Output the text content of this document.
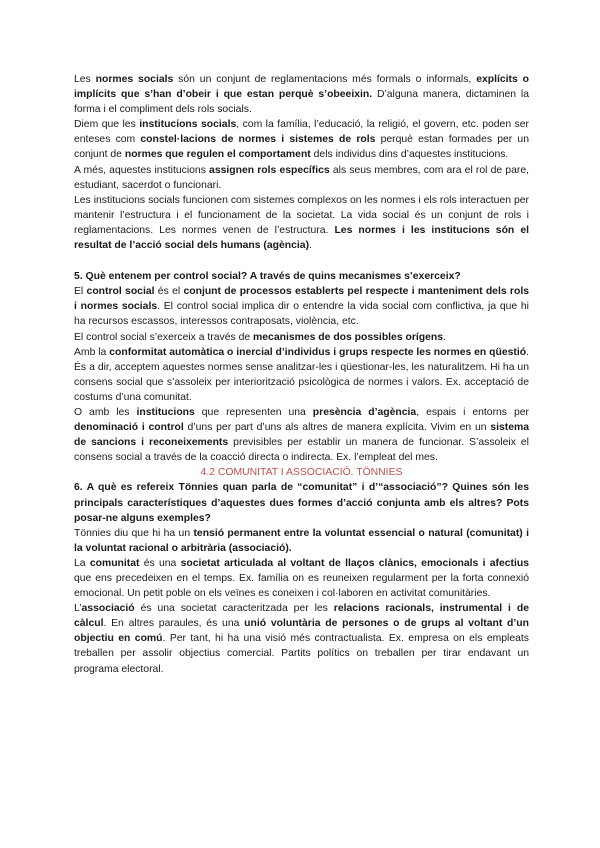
Les normes socials són un conjunt de reglamentacions més formals o informals, explícits o implícits que s’han d’obeir i que estan perquè s’obeeixin. D’alguna manera, dictaminen la forma i el compliment dels rols socials.

Diem que les institucions socials, com la família, l’educació, la religió, el govern, etc. poden ser enteses com constel·lacions de normes i sistemes de rols perquè estan formades per un conjunt de normes que regulen el comportament dels individus dins d’aquestes institucions.

A més, aquestes institucions assignen rols específics als seus membres, com ara el rol de pare, estudiant, sacerdot o funcionari.

Les institucions socials funcionen com sistemes complexos on les normes i els rols interactuen per mantenir l’estructura i el funcionament de la societat. La vida social és un conjunt de rols i reglamentacions. Les normes venen de l’estructura. Les normes i les institucions són el resultat de l’acció social dels humans (agència).

5. Què entenem per control social? A través de quins mecanismes s’exerceix?

El control social és el conjunt de processos establerts pel respecte i manteniment dels rols i normes socials. El control social implica dir o entendre la vida social com conflictiva, ja que hi ha recursos escassos, interessos contraposats, violència, etc.

El control social s’exerceix a través de mecanismes de dos possibles orígens.

Amb la conformitat automàtica o inercial d’individus i grups respecte les normes en qüestió. És a dir, acceptem aquestes normes sense analitzar-les i qüestionar-les, les naturalitzem. Hi ha un consens social que s’assoleix per interiorització psicològica de normes i valors. Ex. acceptació de costums d’una comunitat.

O amb les institucions que representen una presència d’agència, espais i entorns per denominació i control d’uns per part d’uns als altres de manera explícita. Vivim en un sistema de sancions i reconeixements previsibles per establir un manera de funcionar. S’assoleix el consens social a través de la coacció directa o indirecta. Ex. l’empleat del mes.

4.2 COMUNITAT I ASSOCIACIÓ. TÖNNIES

6. A què es refereix Tönnies quan parla de “comunitat” i d’“associació”? Quines són les principals característiques d’aquestes dues formes d’acció conjunta amb els altres? Pots posar-ne alguns exemples?

Tönnies diu que hi ha un tensió permanent entre la voluntat essencial o natural (comunitat) i la voluntat racional o arbitrària (associació).

La comunitat és una societat articulada al voltant de llaços clànics, emocionals i afectius que ens precedeixen en el temps. Ex. família on es reuneixen regularment per la forta connexió emocional. Un petit poble on els veïnes es coneixen i col·laboren en activitat comunitàries.

L’associació és una societat caracteritzada per les relacions racionals, instrumental i de càlcul. En altres paraules, és una unió voluntària de persones o de grups al voltant d’un objectiu en comú. Per tant, hi ha una visió més contractualista. Ex. empresa on els empleats treballen per assolir objectius comercial. Partits polítics on treballen per tirar endavant un programa electoral.
